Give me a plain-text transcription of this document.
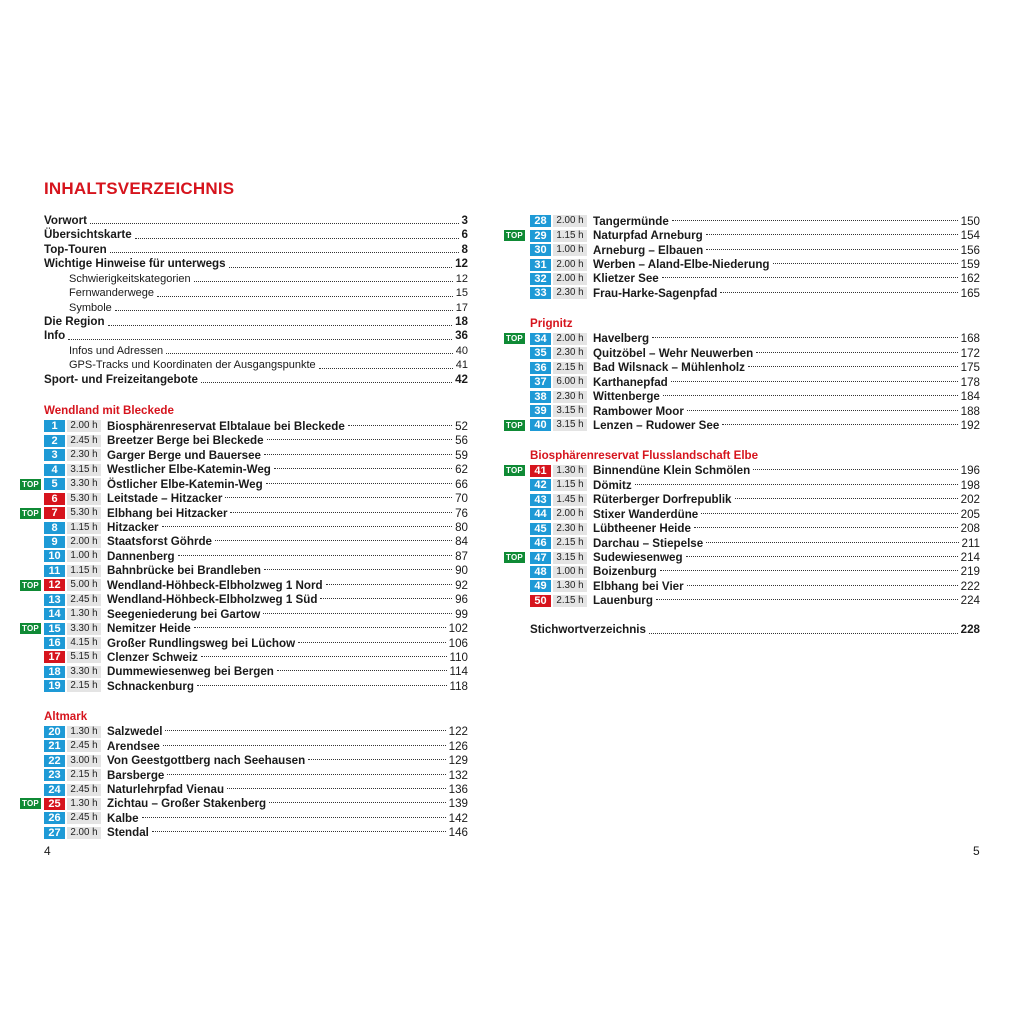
INHALTSVERZEICHNIS
Vorwort	3
Übersichtskarte	6
Top-Touren	8
Wichtige Hinweise für unterwegs	12
Schwierigkeitskategorien	12
Fernwanderwege	15
Symbole	17
Die Region	18
Info	36
Infos und Adressen	40
GPS-Tracks und Koordinaten der Ausgangspunkte	41
Sport- und Freizeitangebote	42
Wendland mit Bleckede
1	2.00 h Biosphärenreservat Elbtalaue bei Bleckede	52
2	2.45 h Breetzer Berge bei Bleckede	56
3	2.30 h Garger Berge und Bauersee	59
4	3.15 h Westlicher Elbe-Katemin-Weg	62
TOP	5	3.30 h Östlicher Elbe-Katemin-Weg	66
6	5.30 h Leitstade – Hitzacker	70
TOP	7	5.30 h Elbhang bei Hitzacker	76
8	1.15 h Hitzacker	80
9	2.00 h Staatsforst Göhrde	84
10 1.00 h Dannenberg	87
11	1.15 h Bahnbrücke bei Brandleben	90
TOP 12 5.00 h Wendland-Höhbeck-Elbholzweg 1 Nord	92
13 2.45 h Wendland-Höhbeck-Elbholzweg 1 Süd	96
14 1.30 h Seegeniederung bei Gartow	99
TOP 15 3.30 h Nemitzer Heide	102
16 4.15 h Großer Rundlingsweg bei Lüchow	106
17 5.15 h Clenzer Schweiz	110
18 3.30 h Dummewiesenweg bei Bergen	114
19 2.15 h Schnackenburg	118
Altmark
20 1.30 h Salzwedel	122
21 2.45 h Arendsee	126
22 3.00 h Von Geestgottberg nach Seehausen	129
23 2.15 h Barsberge	132
24 2.45 h Naturlehrpfad Vienau	136
TOP 25 1.30 h Zichtau – Großer Stakenberg	139
26 2.45 h Kalbe	142
27 2.00 h Stendal	146
28 2.00 h Tangermünde	150
TOP	29 1.15 h Naturpfad Arneburg	154
30 1.00 h Arneburg – Elbauen	156
31 2.00 h Werben – Aland-Elbe-Niederung	159
32 2.00 h Klietzer See	162
33 2.30 h Frau-Harke-Sagenpfad	165
Prignitz
TOP	34 2.00 h Havelberg	168
35 2.30 h Quitzöbel – Wehr Neuwerben	172
36 2.15 h Bad Wilsnack – Mühlenholz	175
37 6.00 h Karthanepfad	178
38 2.30 h Wittenberge	184
39 3.15 h Rambower Moor	188
TOP	40 3.15 h Lenzen – Rudower See	192
Biosphärenreservat Flusslandschaft Elbe
TOP	41 1.30 h Binnendüne Klein Schmölen	196
42 1.15 h Dömitz	198
43 1.45 h Rüterberger Dorfrepublik	202
44 2.00 h Stixer Wanderdüne	205
45 2.30 h Lübtheener Heide	208
46 2.15 h Darchau – Stiepelse	211
TOP	47 3.15 h Sudewiesenweg	214
48 1.00 h Boizenburg	219
49 1.30 h Elbhang bei Vier	222
50 2.15 h Lauenburg	224
Stichwortverzeichnis	228
4	5
